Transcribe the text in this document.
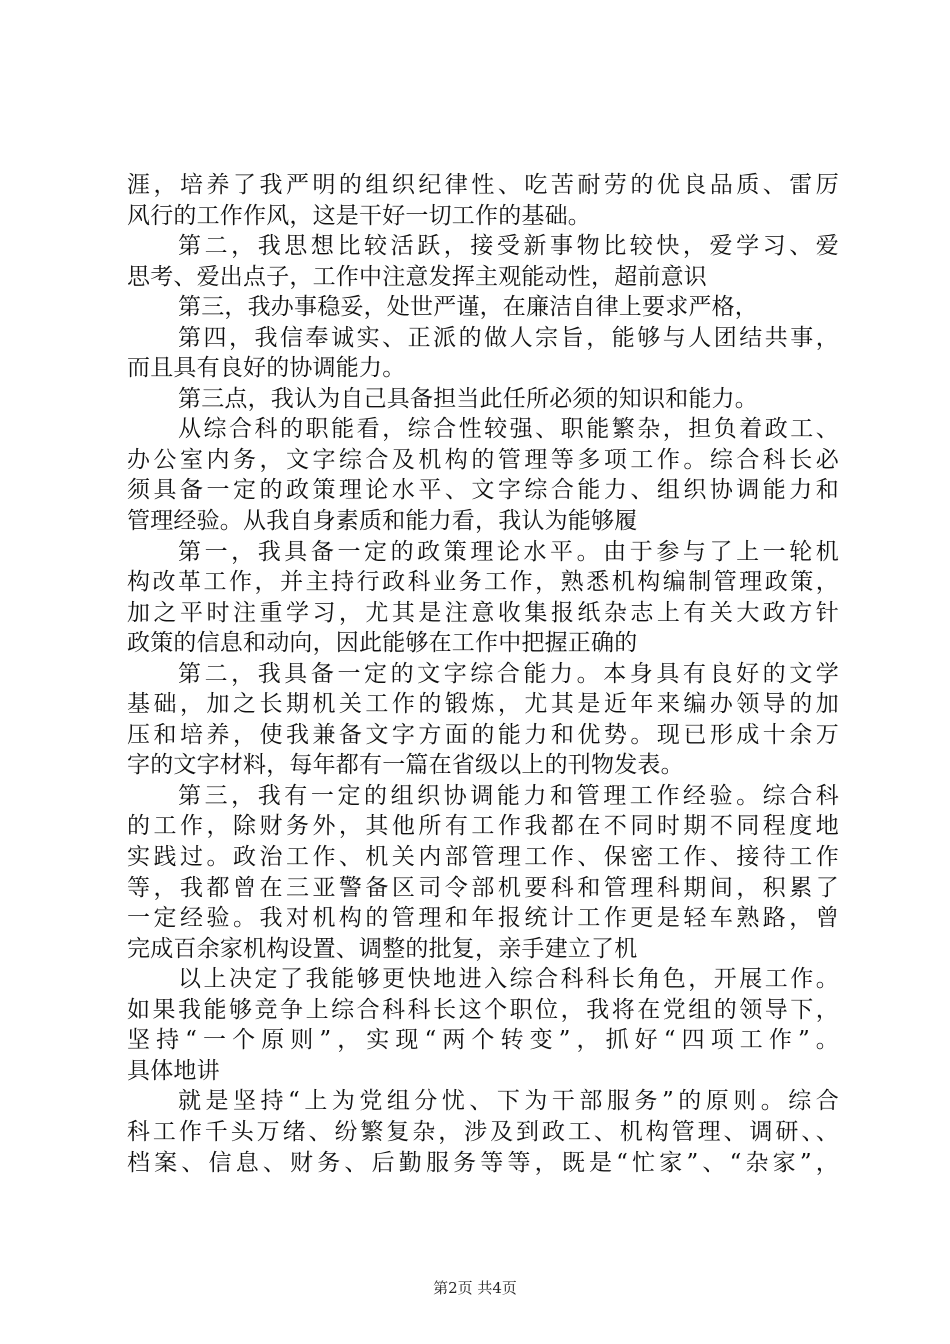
涯，培养了我严明的组织纪律性、吃苦耐劳的优良品质、雷厉
风行的工作作风，这是干好一切工作的基础。
第二，我思想比较活跃，接受新事物比较快，爱学习、爱
思考、爱出点子，工作中注意发挥主观能动性，超前意识
第三，我办事稳妥，处世严谨，在廉洁自律上要求严格，
第四，我信奉诚实、正派的做人宗旨，能够与人团结共事，
而且具有良好的协调能力。
第三点，我认为自己具备担当此任所必须的知识和能力。
从综合科的职能看，综合性较强、职能繁杂，担负着政工、
办公室内务，文字综合及机构的管理等多项工作。综合科长必
须具备一定的政策理论水平、文字综合能力、组织协调能力和
管理经验。从我自身素质和能力看，我认为能够履
第一，我具备一定的政策理论水平。由于参与了上一轮机
构改革工作，并主持行政科业务工作，熟悉机构编制管理政策，
加之平时注重学习，尤其是注意收集报纸杂志上有关大政方针
政策的信息和动向，因此能够在工作中把握正确的
第二，我具备一定的文字综合能力。本身具有良好的文学
基础，加之长期机关工作的锻炼，尤其是近年来编办领导的加
压和培养，使我兼备文字方面的能力和优势。现已形成十余万
字的文字材料，每年都有一篇在省级以上的刊物发表。
第三，我有一定的组织协调能力和管理工作经验。综合科
的工作，除财务外，其他所有工作我都在不同时期不同程度地
实践过。政治工作、机关内部管理工作、保密工作、接待工作
等，我都曾在三亚警备区司令部机要科和管理科期间，积累了
一定经验。我对机构的管理和年报统计工作更是轻车熟路，曾
完成百余家机构设置、调整的批复，亲手建立了机
以上决定了我能够更快地进入综合科科长角色，开展工作。
如果我能够竞争上综合科科长这个职位，我将在党组的领导下，
坚持“一个原则”，实现“两个转变”，抓好“四项工作”。
具体地讲
就是坚持“上为党组分忧、下为干部服务”的原则。综合
科工作千头万绪、纷繁复杂，涉及到政工、机构管理、调研、、
档案、信息、财务、后勤服务等等，既是“忙家”、“杂家”，
第2页 共4页
